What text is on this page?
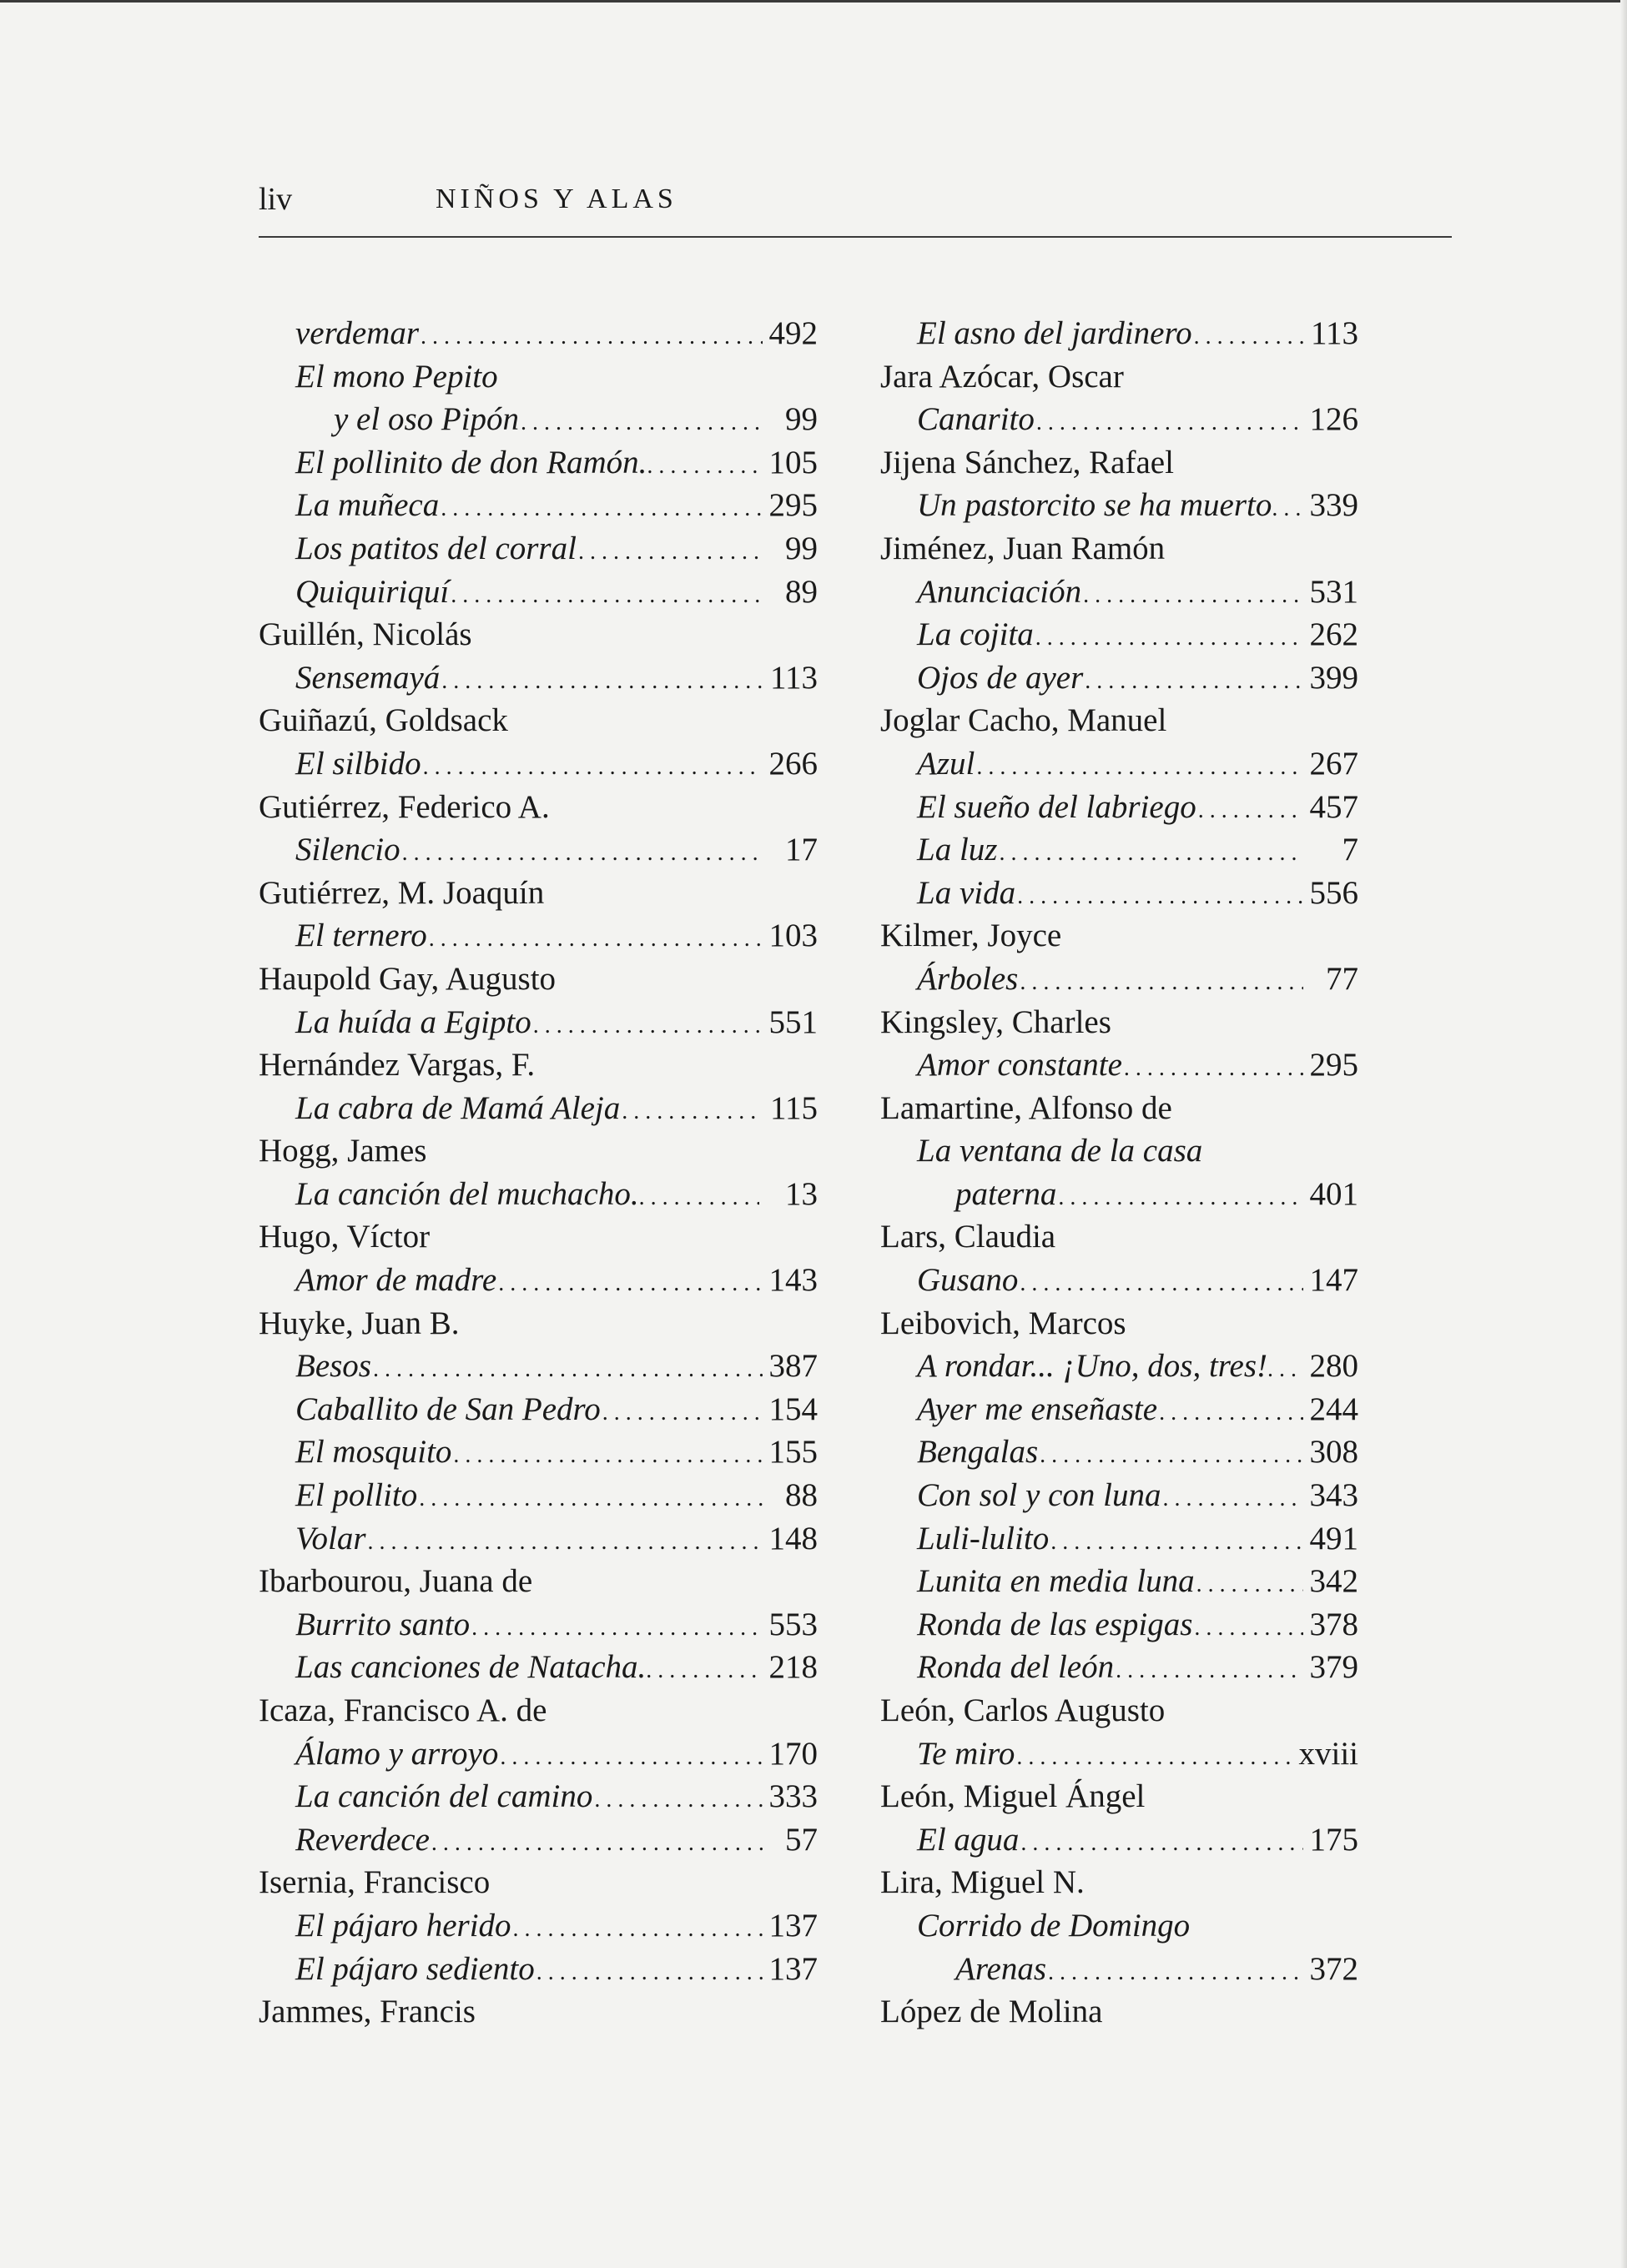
liv	NIÑOS Y ALAS
verdemar . . .	492
El mono Pepito
y el oso Pipón . . .	99
El pollinito de don Ramón. . . .	105
La muñeca . . .	295
Los patitos del corral . . .	99
Quiquiriquí . . .	89
Guillén, Nicolás
Sensemayá . . .	113
Guiñazú, Goldsack
El silbido . . .	266
Gutiérrez, Federico A.
Silencio . . .	17
Gutiérrez, M. Joaquín
El ternero . . .	103
Haupold Gay, Augusto
La huída a Egipto . . .	551
Hernández Vargas, F.
La cabra de Mamá Aleja . . .	115
Hogg, James
La canción del muchacho. . . .	13
Hugo, Víctor
Amor de madre . . .	143
Huyke, Juan B.
Besos . . .	387
Caballito de San Pedro . . .	154
El mosquito . . .	155
El pollito . . .	88
Volar . . .	148
Ibarbourou, Juana de
Burrito santo . . .	553
Las canciones de Natacha. . . .	218
Icaza, Francisco A. de
Álamo y arroyo . . .	170
La canción del camino . . .	333
Reverdece . . .	57
Isernia, Francisco
El pájaro herido . . .	137
El pájaro sediento . . .	137
Jammes, Francis
El asno del jardinero . . .	113
Jara Azócar, Oscar
Canarito . . .	126
Jijena Sánchez, Rafael
Un pastorcito se ha muerto . . . 339
Jiménez, Juan Ramón
Anunciación . . .	531
La cojita . . .	262
Ojos de ayer . . .	399
Joglar Cacho, Manuel
Azul . . .	267
El sueño del labriego . . .	457
La luz . . .	7
La vida . . .	556
Kilmer, Joyce
Árboles . . .	77
Kingsley, Charles
Amor constante . . .	295
Lamartine, Alfonso de
La ventana de la casa
paterna . . .	401
Lars, Claudia
Gusano . . .	147
Leibovich, Marcos
A rondar... ¡Uno, dos, tres! . . . 280
Ayer me enseñaste . . .	244
Bengalas . . .	308
Con sol y con luna . . .	343
Luli-lulito . . .	491
Lunita en media luna . . .	342
Ronda de las espigas . . .	378
Ronda del león . . .	379
León, Carlos Augusto
Te miro . . .	xviii
León, Miguel Ángel
El agua . . .	175
Lira, Miguel N.
Corrido de Domingo
Arenas . . .	372
López de Molina
